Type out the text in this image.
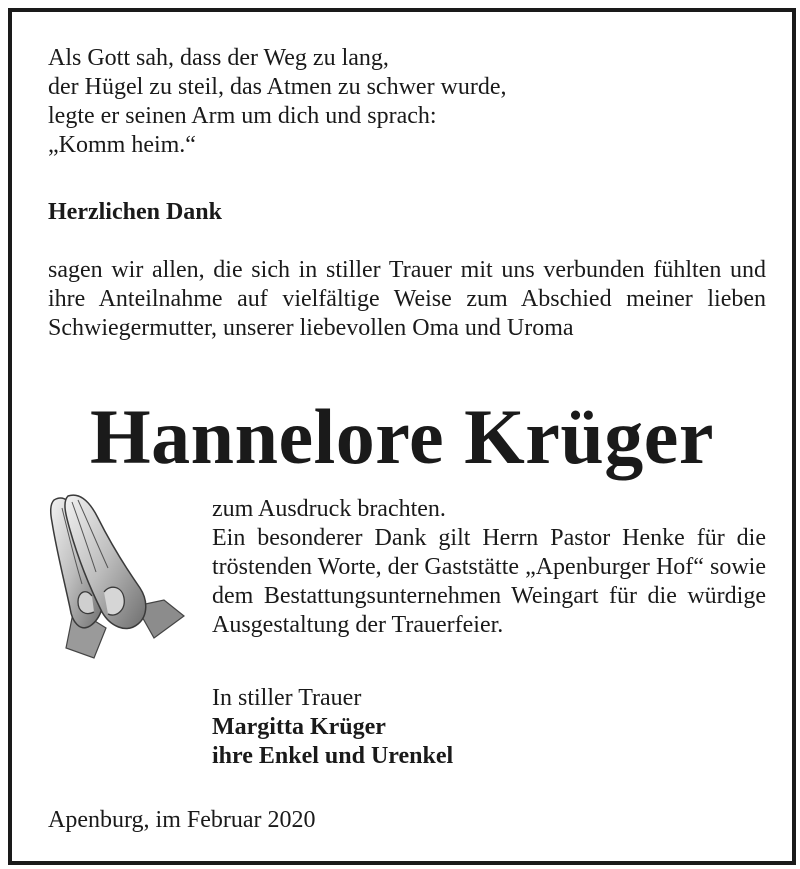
Als Gott sah, dass der Weg zu lang,
der Hügel zu steil, das Atmen zu schwer wurde,
legte er seinen Arm um dich und sprach:
„Komm heim.“

Herzlichen Dank

sagen wir allen, die sich in stiller Trauer mit uns verbunden fühlten und ihre Anteilnahme auf vielfältige Weise zum Abschied meiner lieben Schwiegermutter, unserer liebevollen Oma und Uroma

Hannelore Krüger

zum Ausdruck brachten.
Ein besonderer Dank gilt Herrn Pastor Henke für die tröstenden Worte, der Gaststätte „Apenburger Hof“ sowie dem Bestattungsunternehmen Weingart für die würdige Ausgestaltung der Trauerfeier.

In stiller Trauer
Margitta Krüger
ihre Enkel und Urenkel

Apenburg, im Februar 2020
